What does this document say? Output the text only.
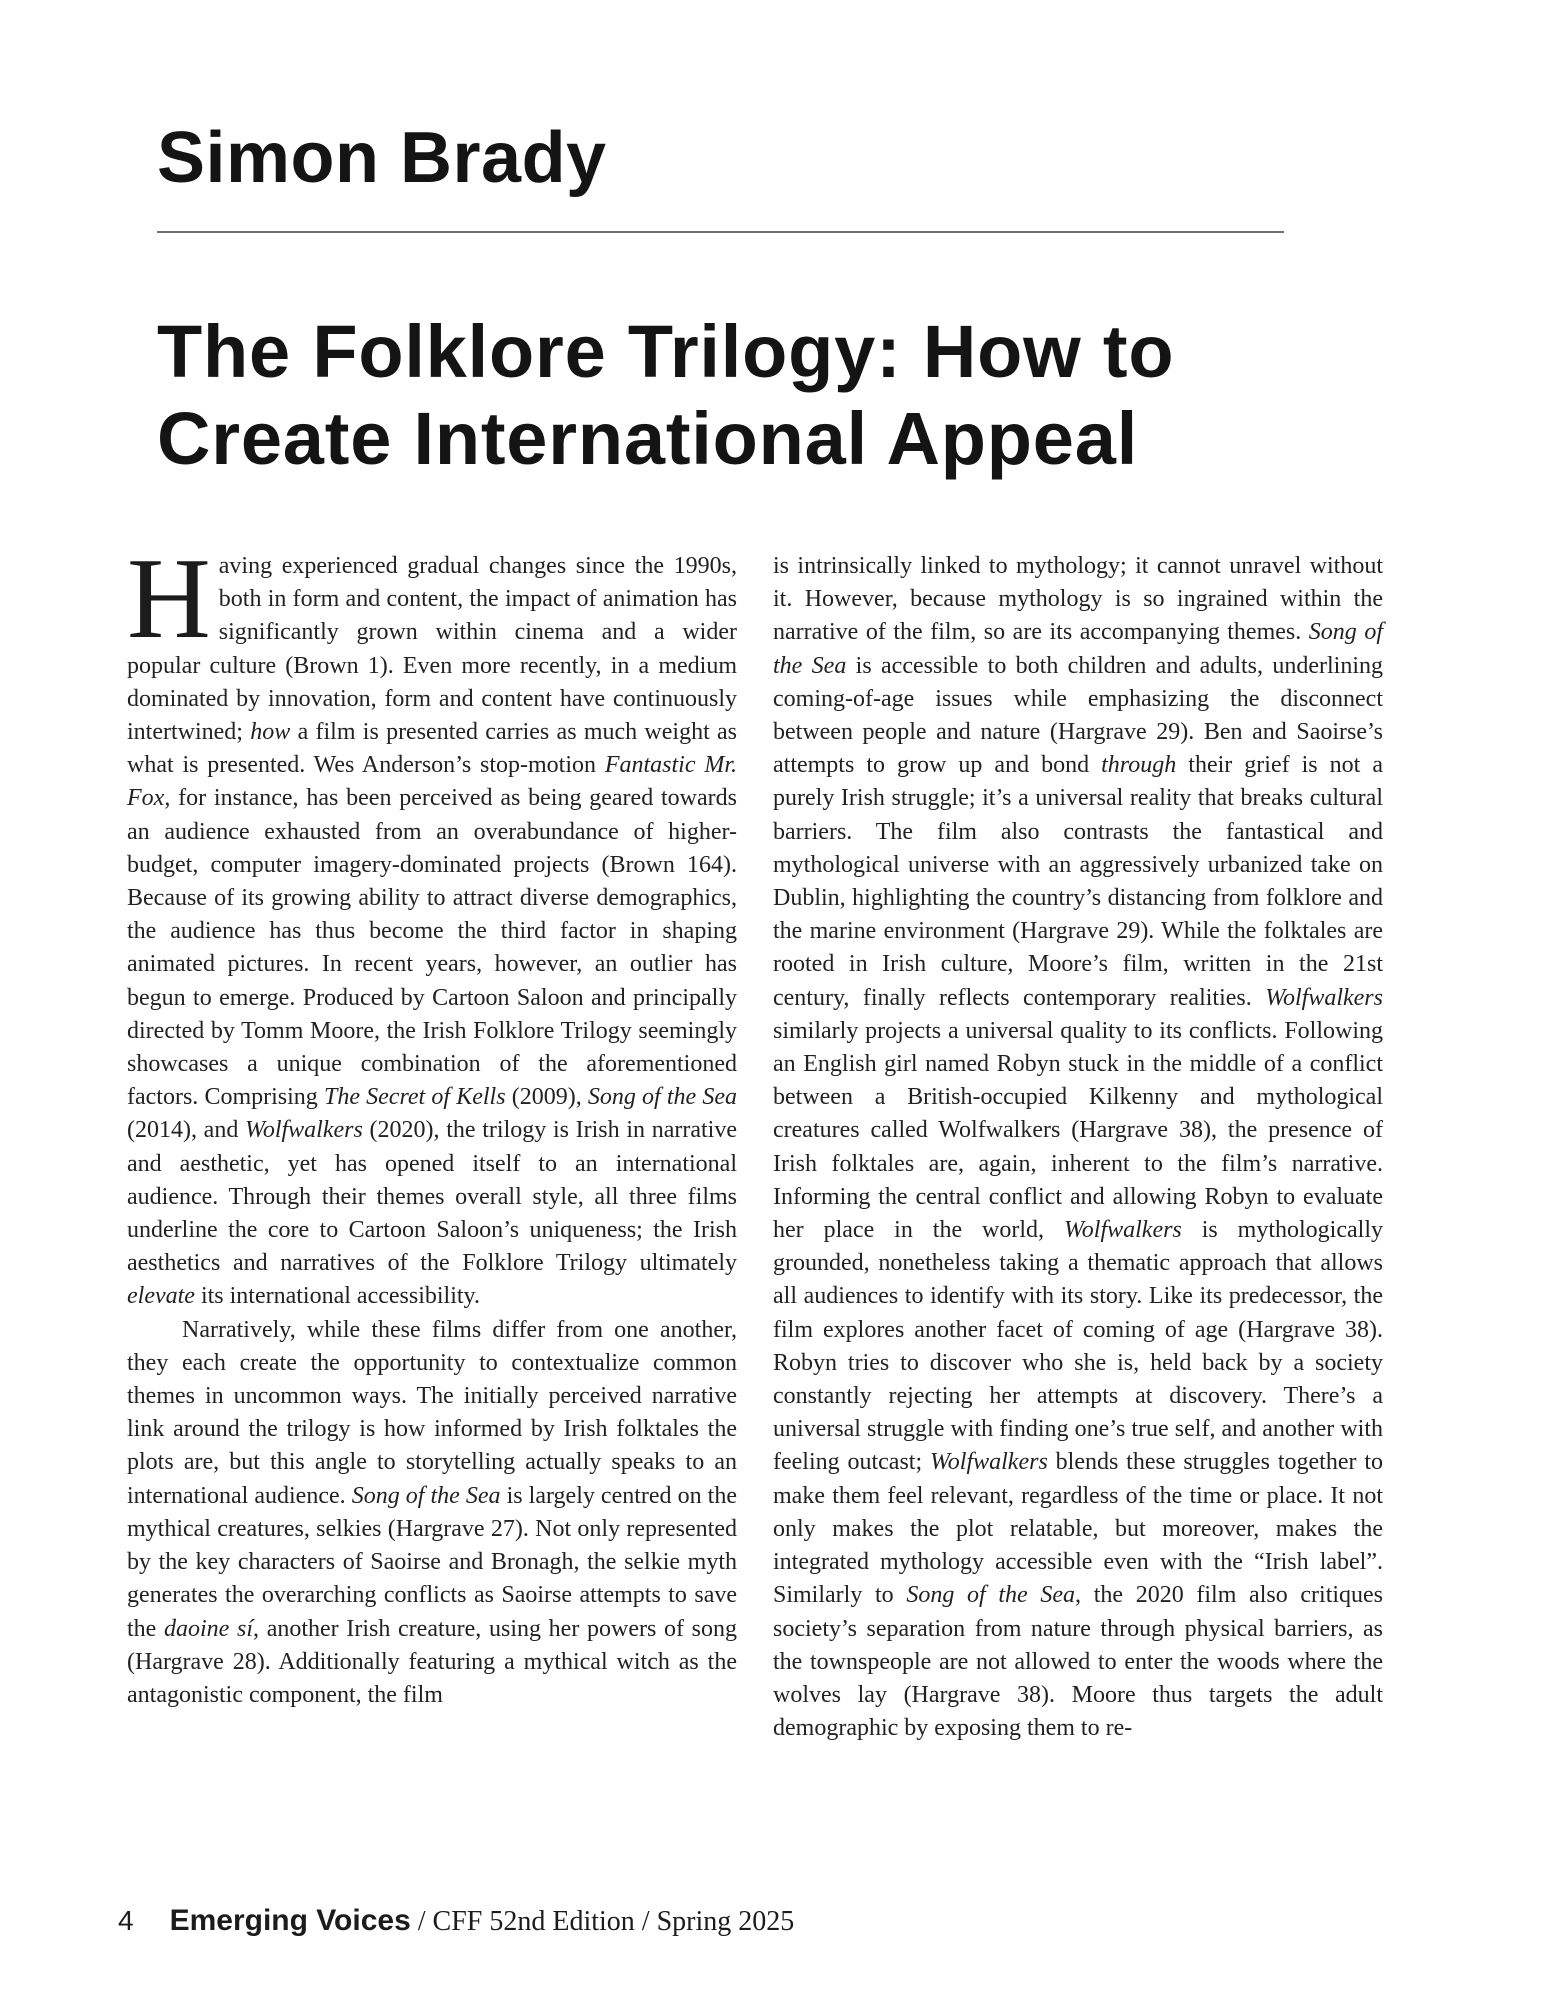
Simon Brady
The Folklore Trilogy: How to
Create International Appeal

Having experienced gradual changes since the 1990s, both in form and content, the impact of animation has significantly grown within cinema and a wider popular culture (Brown 1). Even more recently, in a medium dominated by innovation, form and content have continuously intertwined; how a film is presented carries as much weight as what is presented. Wes Anderson’s stop-motion Fantastic Mr. Fox, for instance, has been perceived as being geared towards an audience exhausted from an overabundance of higher-budget, computer imagery-dominated projects (Brown 164). Because of its growing ability to attract diverse demographics, the audience has thus become the third factor in shaping animated pictures. In recent years, however, an outlier has begun to emerge. Produced by Cartoon Saloon and principally directed by Tomm Moore, the Irish Folklore Trilogy seemingly showcases a unique combination of the aforementioned factors. Comprising The Secret of Kells (2009), Song of the Sea (2014), and Wolfwalkers (2020), the trilogy is Irish in narrative and aesthetic, yet has opened itself to an international audience. Through their themes overall style, all three films underline the core to Cartoon Saloon’s uniqueness; the Irish aesthetics and narratives of the Folklore Trilogy ultimately elevate its international accessibility.

Narratively, while these films differ from one another, they each create the opportunity to contextualize common themes in uncommon ways. The initially perceived narrative link around the trilogy is how informed by Irish folktales the plots are, but this angle to storytelling actually speaks to an international audience. Song of the Sea is largely centred on the mythical creatures, selkies (Hargrave 27). Not only represented by the key characters of Saoirse and Bronagh, the selkie myth generates the overarching conflicts as Saoirse attempts to save the daoine sí, another Irish creature, using her powers of song (Hargrave 28). Additionally featuring a mythical witch as the antagonistic component, the film

is intrinsically linked to mythology; it cannot unravel without it. However, because mythology is so ingrained within the narrative of the film, so are its accompanying themes. Song of the Sea is accessible to both children and adults, underlining coming-of-age issues while emphasizing the disconnect between people and nature (Hargrave 29). Ben and Saoirse’s attempts to grow up and bond through their grief is not a purely Irish struggle; it’s a universal reality that breaks cultural barriers. The film also contrasts the fantastical and mythological universe with an aggressively urbanized take on Dublin, highlighting the country’s distancing from folklore and the marine environment (Hargrave 29). While the folktales are rooted in Irish culture, Moore’s film, written in the 21st century, finally reflects contemporary realities. Wolfwalkers similarly projects a universal quality to its conflicts. Following an English girl named Robyn stuck in the middle of a conflict between a British-occupied Kilkenny and mythological creatures called Wolfwalkers (Hargrave 38), the presence of Irish folktales are, again, inherent to the film’s narrative. Informing the central conflict and allowing Robyn to evaluate her place in the world, Wolfwalkers is mythologically grounded, nonetheless taking a thematic approach that allows all audiences to identify with its story. Like its predecessor, the film explores another facet of coming of age (Hargrave 38). Robyn tries to discover who she is, held back by a society constantly rejecting her attempts at discovery. There’s a universal struggle with finding one’s true self, and another with feeling outcast; Wolfwalkers blends these struggles together to make them feel relevant, regardless of the time or place. It not only makes the plot relatable, but moreover, makes the integrated mythology accessible even with the “Irish label”. Similarly to Song of the Sea, the 2020 film also critiques society’s separation from nature through physical barriers, as the townspeople are not allowed to enter the woods where the wolves lay (Hargrave 38). Moore thus targets the adult demographic by exposing them to re-

4 Emerging Voices / CFF 52nd Edition / Spring 2025
